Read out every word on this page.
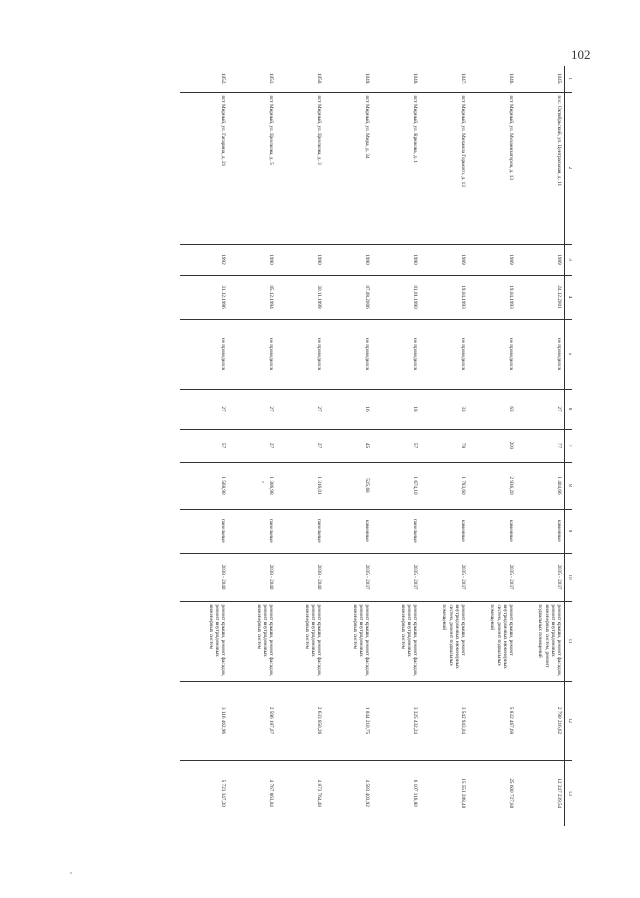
102
1	2	3	4	5	6	7	8	9	10	11	12	13
1045.	пос. Октябрьский, ул. Центральная, д. 11	1989	24.12.2001	не проводился	27	77	1 404,66	каменные	2035 - 2037	ремонт крыши, ремонт фасадов, ремонт внутридомовых инженерных систем, ремонт подвальных помещений	2 790 216,62	12 247 239,54
1046.	пгт Мирный, ул. Механизаторов, д. 13	1989	19.04.1993	не проводился	63	201	2 936,20	каменные	2035 - 2037	ремонт крыши, ремонт внутридомовых инженерных систем, ремонт подвальных помещений	5 832 467,68	25 600 727,80
1047.	пгт Мирный, ул. Михаила Горького, д. 13	1989	19.04.1993	не проводился	33	78	1 783,60	каменные	2035 - 2037	ремонт крыши, ремонт внутридомовых инженерных систем, ремонт подвальных помещений	3 542 943,04	15 551 208,40
1048.	пгт Мирный, ул. Крюкова, д. 1	1990	01.01.1990	не проводился	18	57	1 674,10	панельные	2035 - 2037	ремонт крыши, ремонт фасадов, ремонт внутридомовых инженерных систем	3 325 432,24	6 107 116,80
1049.	пгт Мирный, ул. Мира, д. 34	1990	07.08.2006	не проводился	16	45	525,68	каменные	2035 - 2037	ремонт крыши, ремонт фасадов, ремонт внутридомовых инженерных систем	1 044 210,75	4 583 403,92
1050.	пгт Мирный, ул. Циолкова, д. 3	1990	30.11.1999	не проводился	27	27	1 316,01	панельные	2038 - 2040	ремонт крыши, ремонт фасадов, ремонт внутридомовых инженерных систем	2 633 850,26	4 873 764,48
1051.	пгт Мирный, ул. Циолкова, д. 5	1990	05.12.1994	не проводился	27	27	1 306,98	панельные	2038 - 2040	ремонт крыши, ремонт фасадов, ремонт внутридомовых инженерных систем	2 596 187,07	4 767 863,04
1052.	пгт Мирный, ул. Гагарина, д. 21	1992	31.12.1996	не проводился	27	57	1 568,90	панельные	2038 - 2040	ремонт крыши, ремонт фасадов, ремонт внутридомовых инженерных систем	3 116 462,96	5 723 347,20
